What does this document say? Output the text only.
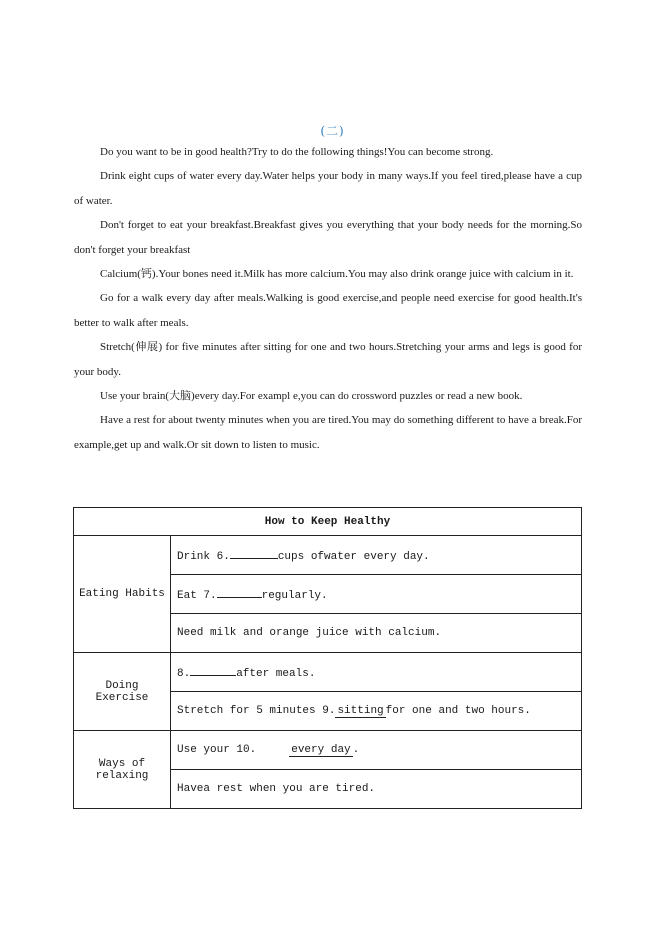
(二)

Do you want to be in good health?Try to do the following things!You can become strong.

Drink eight cups of water every day.Water helps your body in many ways.If you feel tired,please have a cup of water.

Don't forget to eat your breakfast.Breakfast gives you everything that your body needs for the morning.So don't forget your breakfast

Calcium(钙).Your bones need it.Milk has more calcium.You may also drink orange juice with calcium in it.

Go for a walk every day after meals.Walking is good exercise,and people need exercise for good health.It's better to walk after meals.

Stretch(伸展) for five minutes after sitting for one and two hours.Stretching your arms and legs is good for your body.

Use your brain(大脑)every day.For exampl e,you can do crossword puzzles or read a new book.

Have a rest for about twenty minutes when you are tired.You may do something different to have a break.For example,get up and walk.Or sit down to listen to music.

How to Keep Healthy	
Eating Habits	Drink 6. cups ofwater every day.
	Eat 7. regularly.
	Need milk and orange juice with calcium.
Doing Exercise	8. after meals.
	Stretch for 5 minutes 9. sitting for one and two hours.
Ways of relaxing	Use your 10. every day .
	Havea rest when you are tired.
